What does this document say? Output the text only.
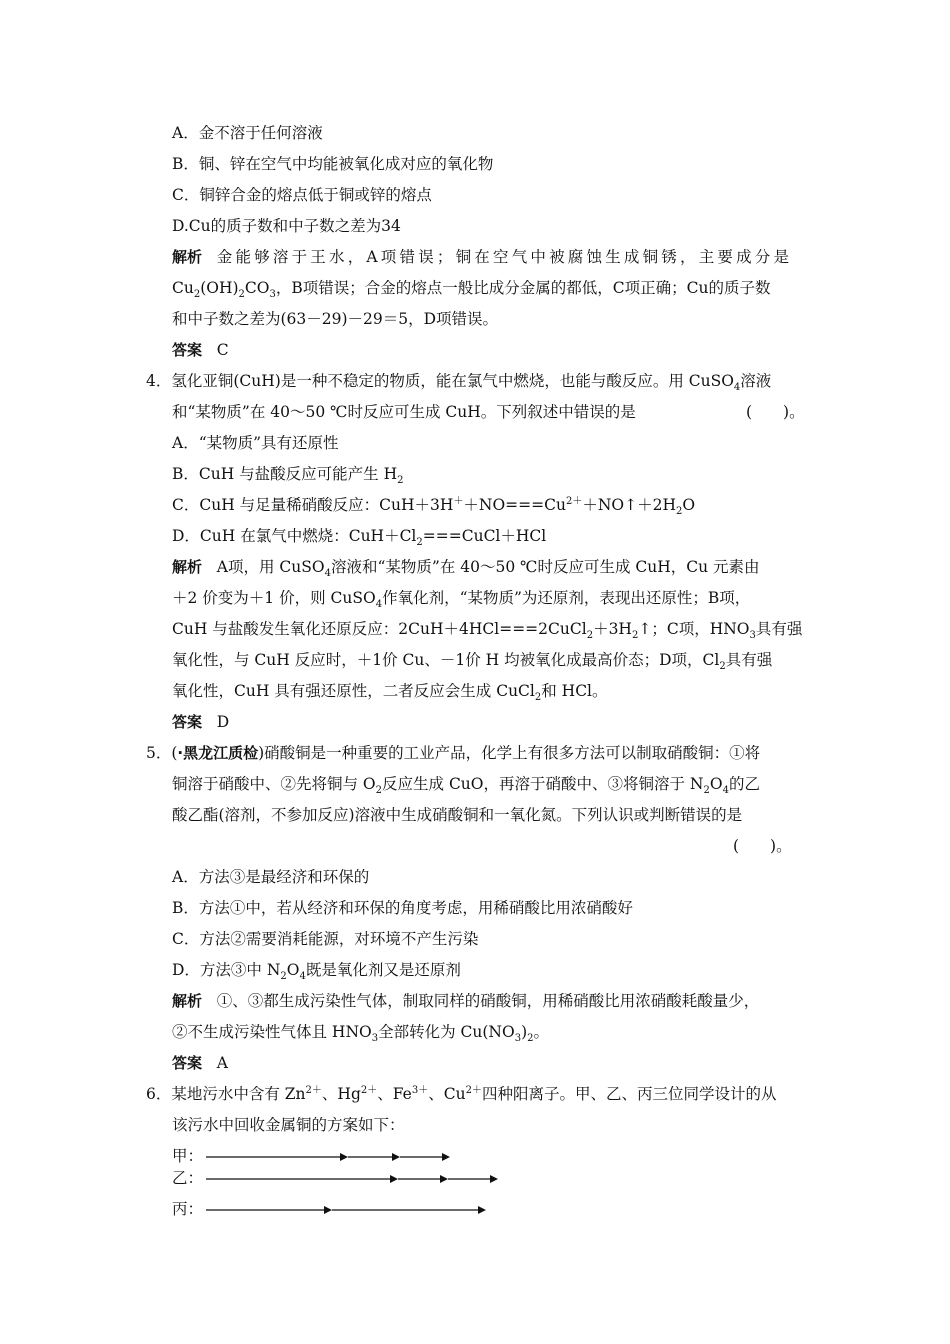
A．金不溶于任何溶液
B．铜、锌在空气中均能被氧化成对应的氧化物
C．铜锌合金的熔点低于铜或锌的熔点
D.Cu的质子数和中子数之差为34
解析 金能够溶于王水，A项错误；铜在空气中被腐蚀生成铜锈，主要成分是
$Cu_2(OH)_2CO_3$，B项错误；合金的熔点一般比成分金属的都低，C项正确；Cu的质子数
和中子数之差为(63－29)－29＝5，D项错误。
答案 C
4．氢化亚铜(CuH)是一种不稳定的物质，能在氯气中燃烧，也能与酸反应。用 CuSO$_4$溶液
和“某物质”在 40～50 ℃时反应可生成 CuH。下列叙述中错误的是	(　　)。
A．“某物质”具有还原性
B．CuH 与盐酸反应可能产生 $H_2$
C．CuH 与足量稀硝酸反应：$CuH+3H^++NO===Cu^{2+}+NO↑+2H_2O$
D．CuH 在氯气中燃烧：$CuH+Cl_2===CuCl+HCl$
解析 A项，用 CuSO$_4$溶液和“某物质”在 40～50 ℃时反应可生成 CuH，Cu 元素由
＋2 价变为＋1 价，则 CuSO$_4$作氧化剂，“某物质”为还原剂，表现出还原性；B项，
CuH 与盐酸发生氧化还原反应：$2CuH+4HCl===2CuCl_2+3H_2↑$；C项，$HNO_3$具有强
氧化性，与 CuH 反应时，＋1价 Cu、－1价 H 均被氧化成最高价态；D项，$Cl_2$具有强
氧化性，CuH 具有强还原性，二者反应会生成 CuCl$_2$和 HCl。
答案 D
5．(·黑龙江质检)硝酸铜是一种重要的工业产品，化学上有很多方法可以制取硝酸铜：①将
铜溶于硝酸中、②先将铜与 $O_2$反应生成 CuO，再溶于硝酸中、③将铜溶于 $N_2O_4$的乙
酸乙酯(溶剂，不参加反应)溶液中生成硝酸铜和一氧化氮。下列认识或判断错误的是
(　　)。
A．方法③是最经济和环保的
B．方法①中，若从经济和环保的角度考虑，用稀硝酸比用浓硝酸好
C．方法②需要消耗能源，对环境不产生污染
D．方法③中 $N_2O_4$既是氧化剂又是还原剂
解析 ①、③都生成污染性气体，制取同样的硝酸铜，用稀硝酸比用浓硝酸耗酸量少，
②不生成污染性气体且 $HNO_3$全部转化为 $Cu(NO_3)_2$。
答案 A
6．某地污水中含有 $Zn^{2+}$、$Hg^{2+}$、$Fe^{3+}$、$Cu^{2+}$四种阳离子。甲、乙、丙三位同学设计的从
该污水中回收金属铜的方案如下：
甲：
乙：
丙：
